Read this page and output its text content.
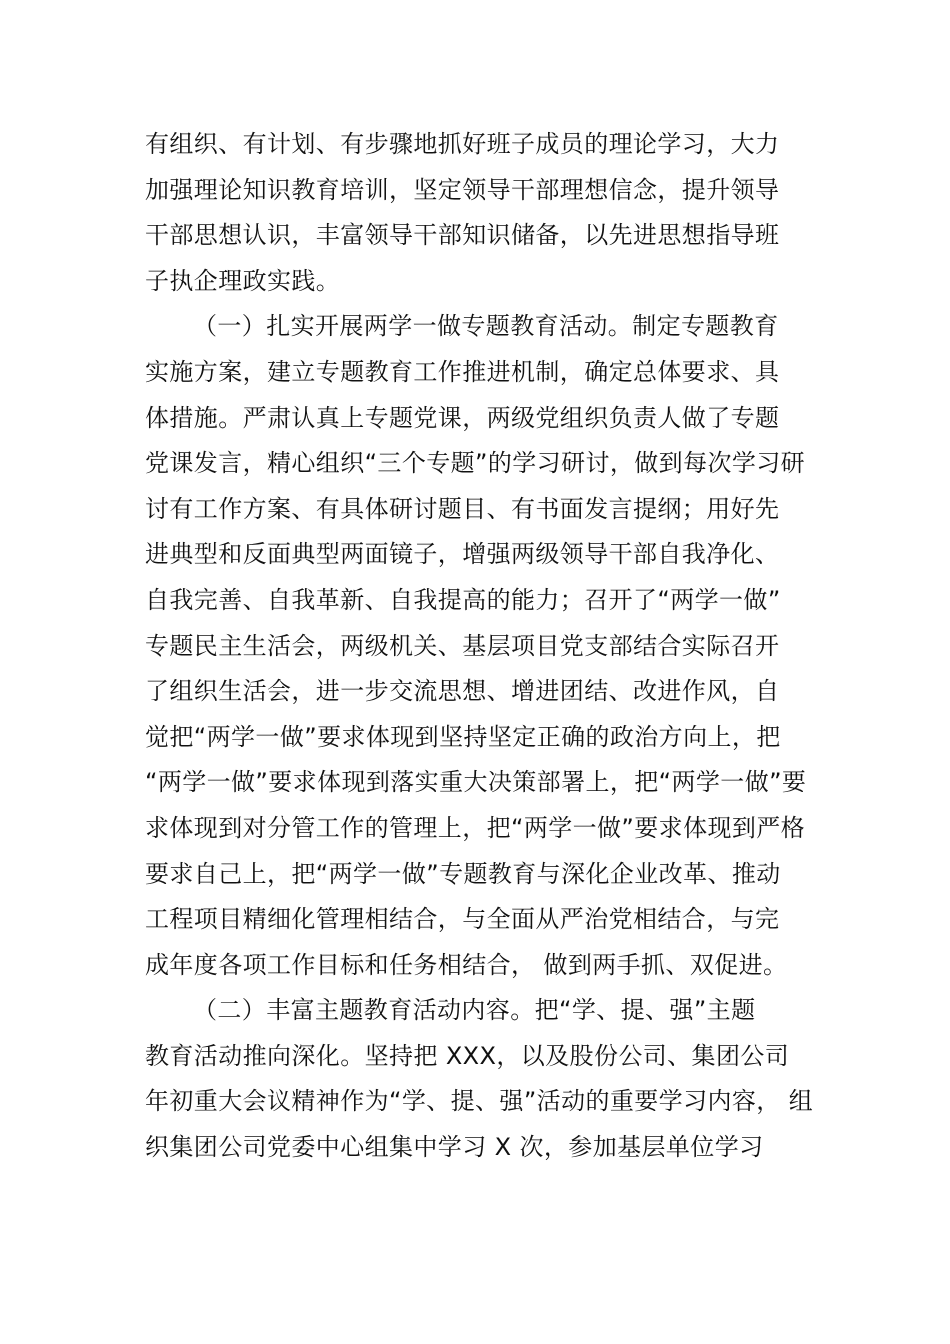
有组织、有计划、有步骤地抓好班子成员的理论学习，大力
加强理论知识教育培训，坚定领导干部理想信念，提升领导
干部思想认识，丰富领导干部知识储备，以先进思想指导班
子执企理政实践。
（一）扎实开展两学一做专题教育活动。制定专题教育
实施方案，建立专题教育工作推进机制，确定总体要求、具
体措施。严肃认真上专题党课，两级党组织负责人做了专题
党课发言，精心组织“三个专题”的学习研讨，做到每次学习研
讨有工作方案、有具体研讨题目、有书面发言提纲；用好先
进典型和反面典型两面镜子，增强两级领导干部自我净化、
自我完善、自我革新、自我提高的能力；召开了“两学一做”
专题民主生活会，两级机关、基层项目党支部结合实际召开
了组织生活会，进一步交流思想、增进团结、改进作风，自
觉把“两学一做”要求体现到坚持坚定正确的政治方向上，把
“两学一做”要求体现到落实重大决策部署上，把“两学一做”要
求体现到对分管工作的管理上，把“两学一做”要求体现到严格
要求自己上，把“两学一做”专题教育与深化企业改革、推动
工程项目精细化管理相结合，与全面从严治党相结合，与完
成年度各项工作目标和任务相结合， 做到两手抓、双促进。
（二）丰富主题教育活动内容。把“学、提、强”主题
教育活动推向深化。坚持把 XXX，以及股份公司、集团公司
年初重大会议精神作为“学、提、强”活动的重要学习内容， 组
织集团公司党委中心组集中学习 X 次，参加基层单位学习
